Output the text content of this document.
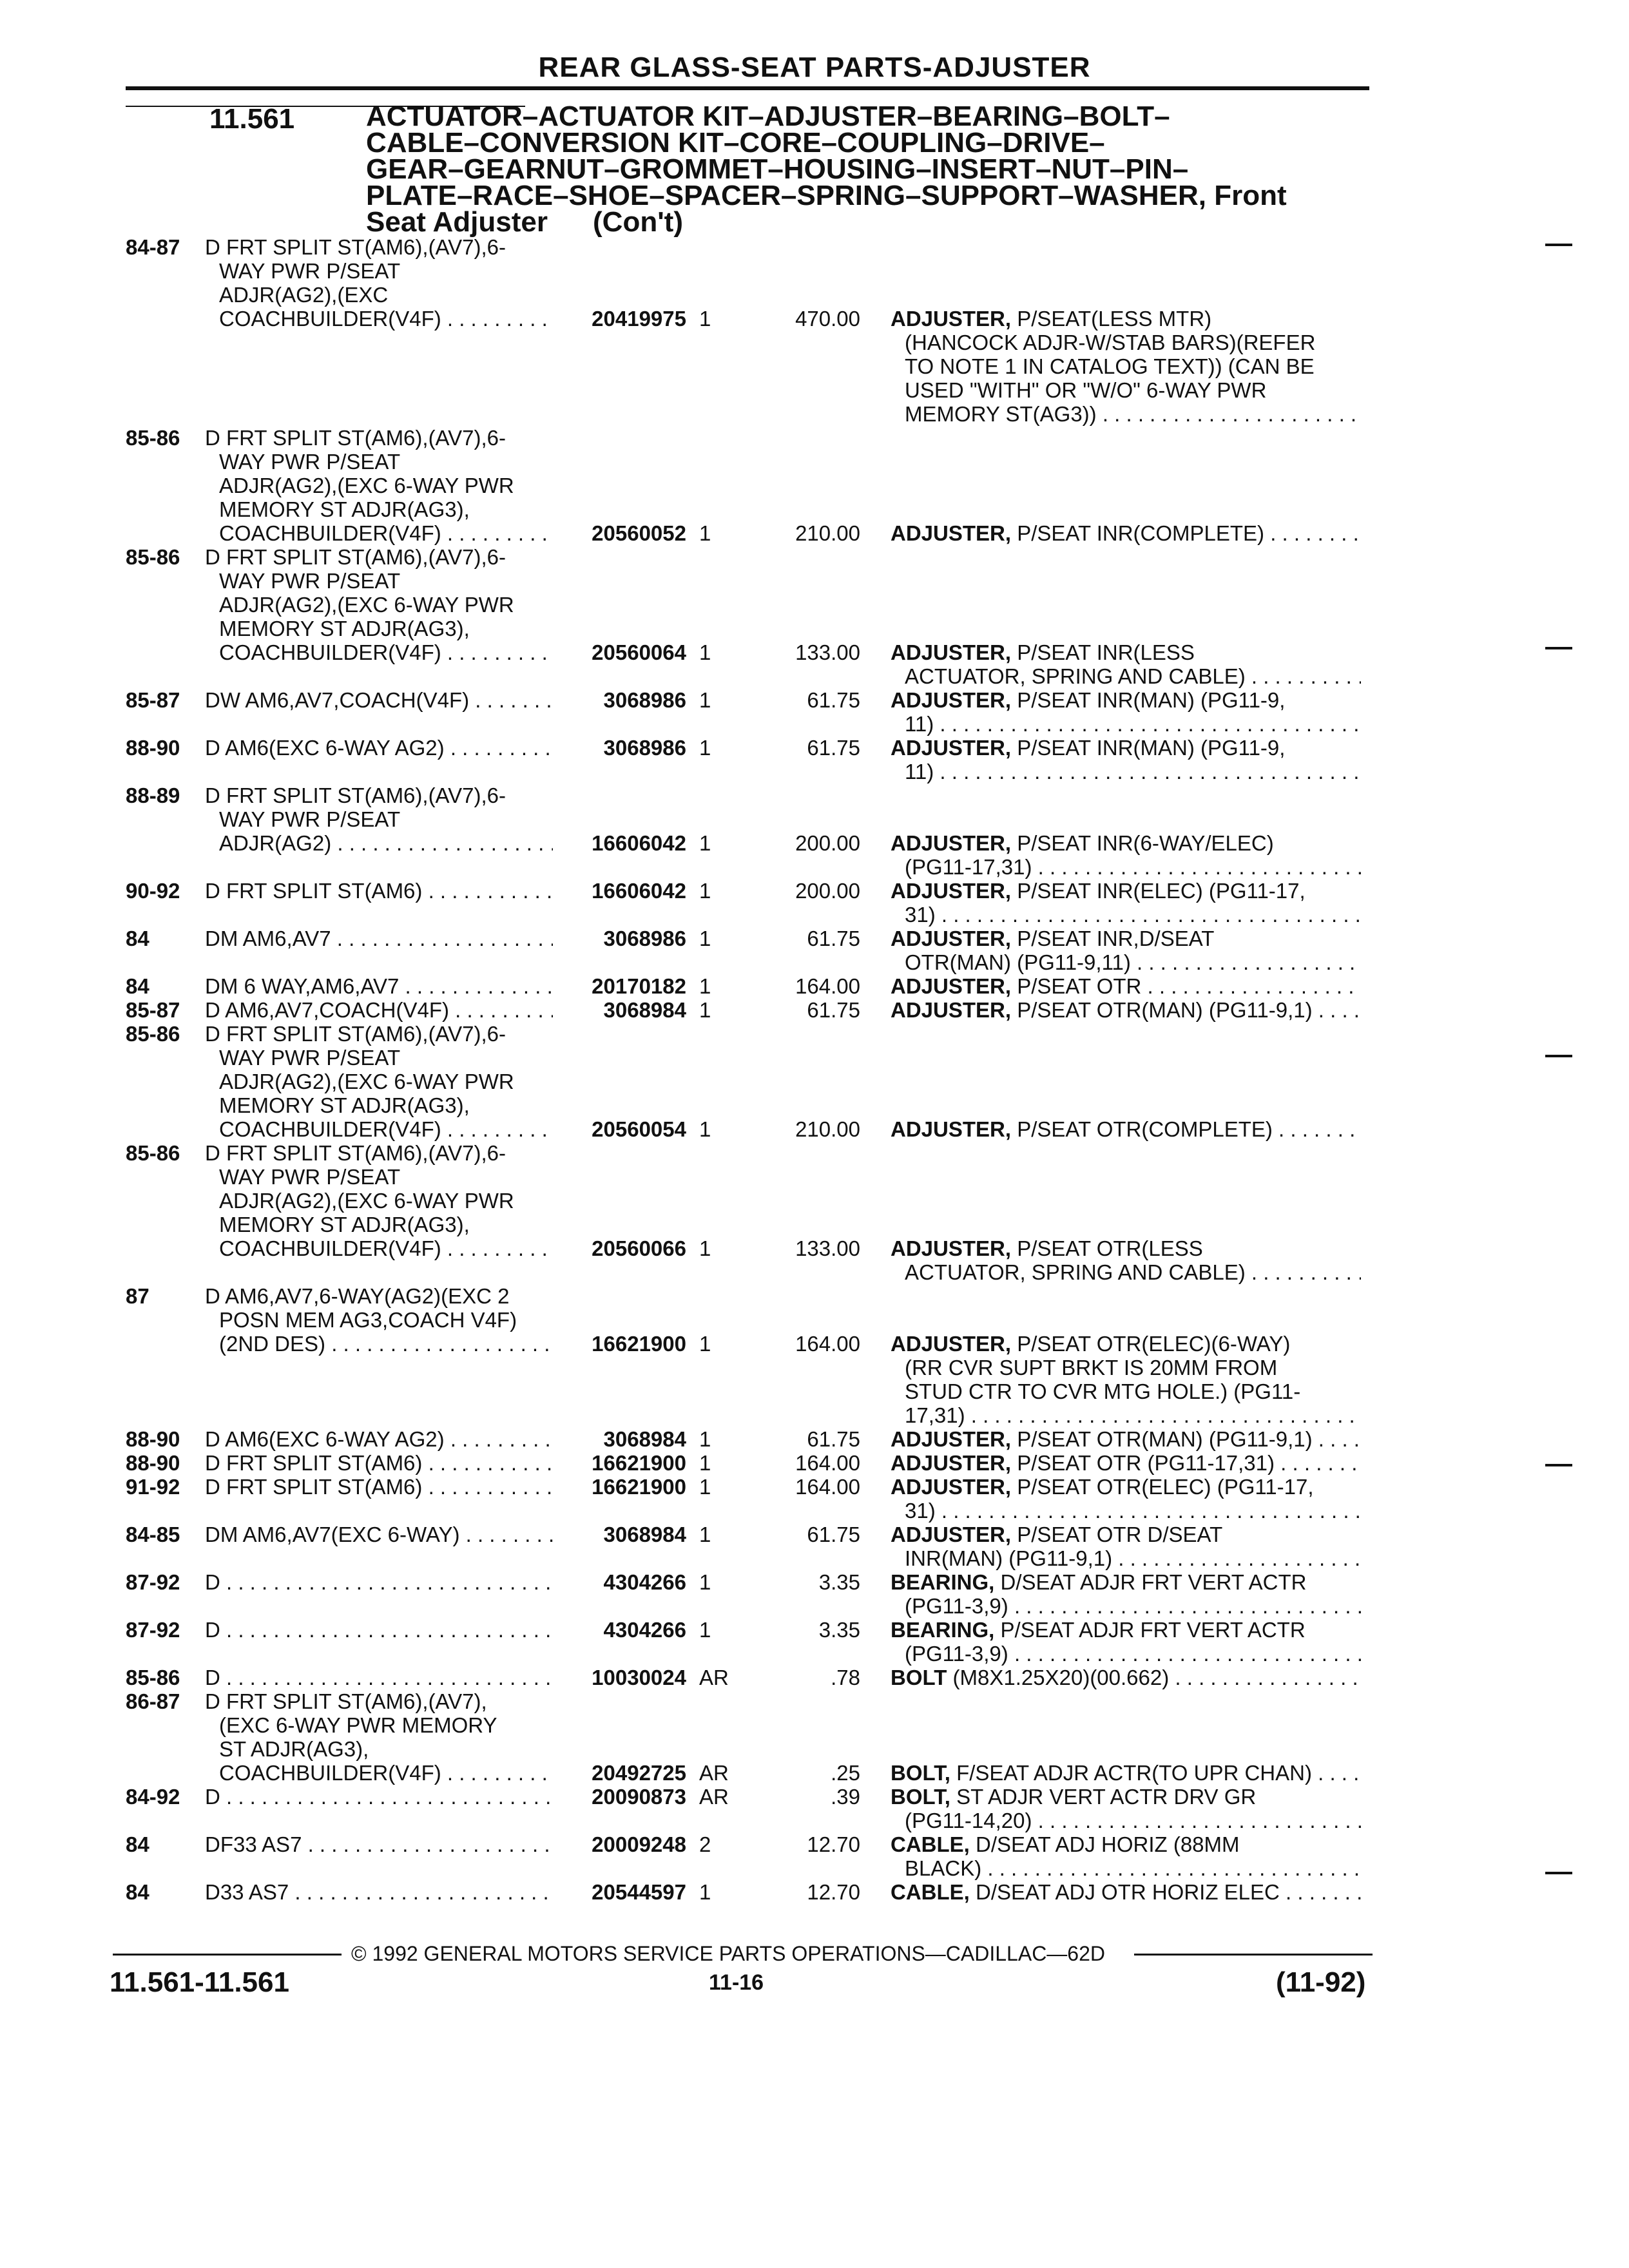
REAR GLASS-SEAT PARTS-ADJUSTER
11.561	ACTUATOR–ACTUATOR KIT–ADJUSTER–BEARING–BOLT–
CABLE–CONVERSION KIT–CORE–COUPLING–DRIVE–
GEAR–GEARNUT–GROMMET–HOUSING–INSERT–NUT–PIN–
PLATE–RACE–SHOE–SPACER–SPRING–SUPPORT–WASHER, Front
Seat Adjuster (Con't)
84-87	D FRT SPLIT ST(AM6),(AV7),6-
WAY PWR P/SEAT
ADJR(AG2),(EXC
COACHBUILDER(V4F) . . .	20419975 1	470.00 ADJUSTER, P/SEAT(LESS MTR)
(HANCOCK ADJR-W/STAB BARS)(REFER
TO NOTE 1 IN CATALOG TEXT)) (CAN BE
USED "WITH" OR "W/O" 6-WAY PWR
MEMORY ST(AG3)) . . .
85-86	D FRT SPLIT ST(AM6),(AV7),6-
WAY PWR P/SEAT
ADJR(AG2),(EXC 6-WAY PWR
MEMORY ST ADJR(AG3),
COACHBUILDER(V4F) . . .	20560052 1	210.00 ADJUSTER, P/SEAT INR(COMPLETE) . . .
85-86	D FRT SPLIT ST(AM6),(AV7),6-
WAY PWR P/SEAT
ADJR(AG2),(EXC 6-WAY PWR
MEMORY ST ADJR(AG3),
COACHBUILDER(V4F) . . .	20560064 1	133.00 ADJUSTER, P/SEAT INR(LESS
ACTUATOR, SPRING AND CABLE) . . .
85-87	DW AM6,AV7,COACH(V4F) . . .	3068986 1	61.75 ADJUSTER, P/SEAT INR(MAN) (PG11-9,
11) . . .
88-90	D AM6(EXC 6-WAY AG2) . . .	3068986 1	61.75 ADJUSTER, P/SEAT INR(MAN) (PG11-9,
11) . . .
88-89	D FRT SPLIT ST(AM6),(AV7),6-
WAY PWR P/SEAT
ADJR(AG2) . . .	16606042 1	200.00 ADJUSTER, P/SEAT INR(6-WAY/ELEC)
(PG11-17,31) . . .
90-92	D FRT SPLIT ST(AM6) . . .	16606042 1	200.00 ADJUSTER, P/SEAT INR(ELEC) (PG11-17,
31) . . .
84	DM AM6,AV7 . . .	3068986 1	61.75 ADJUSTER, P/SEAT INR,D/SEAT
OTR(MAN) (PG11-9,11) . . .
84	DM 6 WAY,AM6,AV7 . . .	20170182 1	164.00 ADJUSTER, P/SEAT OTR . . .
85-87	D AM6,AV7,COACH(V4F) . . .	3068984 1	61.75 ADJUSTER, P/SEAT OTR(MAN) (PG11-9,1) . . .
85-86	D FRT SPLIT ST(AM6),(AV7),6-
WAY PWR P/SEAT
ADJR(AG2),(EXC 6-WAY PWR
MEMORY ST ADJR(AG3),
COACHBUILDER(V4F) . . .	20560054 1	210.00 ADJUSTER, P/SEAT OTR(COMPLETE) . . .
85-86	D FRT SPLIT ST(AM6),(AV7),6-
WAY PWR P/SEAT
ADJR(AG2),(EXC 6-WAY PWR
MEMORY ST ADJR(AG3),
COACHBUILDER(V4F) . . .	20560066 1	133.00 ADJUSTER, P/SEAT OTR(LESS
ACTUATOR, SPRING AND CABLE) . . .
87	D AM6,AV7,6-WAY(AG2)(EXC 2
POSN MEM AG3,COACH V4F)
(2ND DES) . . .	16621900 1	164.00 ADJUSTER, P/SEAT OTR(ELEC)(6-WAY)
(RR CVR SUPT BRKT IS 20MM FROM
STUD CTR TO CVR MTG HOLE.) (PG11-
17,31) . . .
88-90	D AM6(EXC 6-WAY AG2) . . .	3068984 1	61.75 ADJUSTER, P/SEAT OTR(MAN) (PG11-9,1) . . .
88-90	D FRT SPLIT ST(AM6) . . .	16621900 1	164.00 ADJUSTER, P/SEAT OTR (PG11-17,31) . . .
91-92	D FRT SPLIT ST(AM6) . . .	16621900 1	164.00 ADJUSTER, P/SEAT OTR(ELEC) (PG11-17,
31) . . .
84-85	DM AM6,AV7(EXC 6-WAY) . . .	3068984 1	61.75 ADJUSTER, P/SEAT OTR D/SEAT
INR(MAN) (PG11-9,1) . . .
87-92	D . . .	4304266 1	3.35 BEARING, D/SEAT ADJR FRT VERT ACTR
(PG11-3,9) . . .
87-92	D . . .	4304266 1	3.35 BEARING, P/SEAT ADJR FRT VERT ACTR
(PG11-3,9) . . .
85-86	D . . .	10030024 AR	.78 BOLT (M8X1.25X20)(00.662) . . .
86-87	D FRT SPLIT ST(AM6),(AV7),
(EXC 6-WAY PWR MEMORY
ST ADJR(AG3),
COACHBUILDER(V4F) . . .	20492725 AR	.25 BOLT, F/SEAT ADJR ACTR(TO UPR CHAN) . . .
84-92	D . . .	20090873 AR	.39 BOLT, ST ADJR VERT ACTR DRV GR
(PG11-14,20) . . .
84	DF33 AS7 . . .	20009248 2	12.70 CABLE, D/SEAT ADJ HORIZ (88MM
BLACK) . . .
84	D33 AS7 . . .	20544597 1	12.70 CABLE, D/SEAT ADJ OTR HORIZ ELEC . . .
© 1992 GENERAL MOTORS SERVICE PARTS OPERATIONS—CADILLAC—62D
11.561-11.561	11-16	(11-92)
